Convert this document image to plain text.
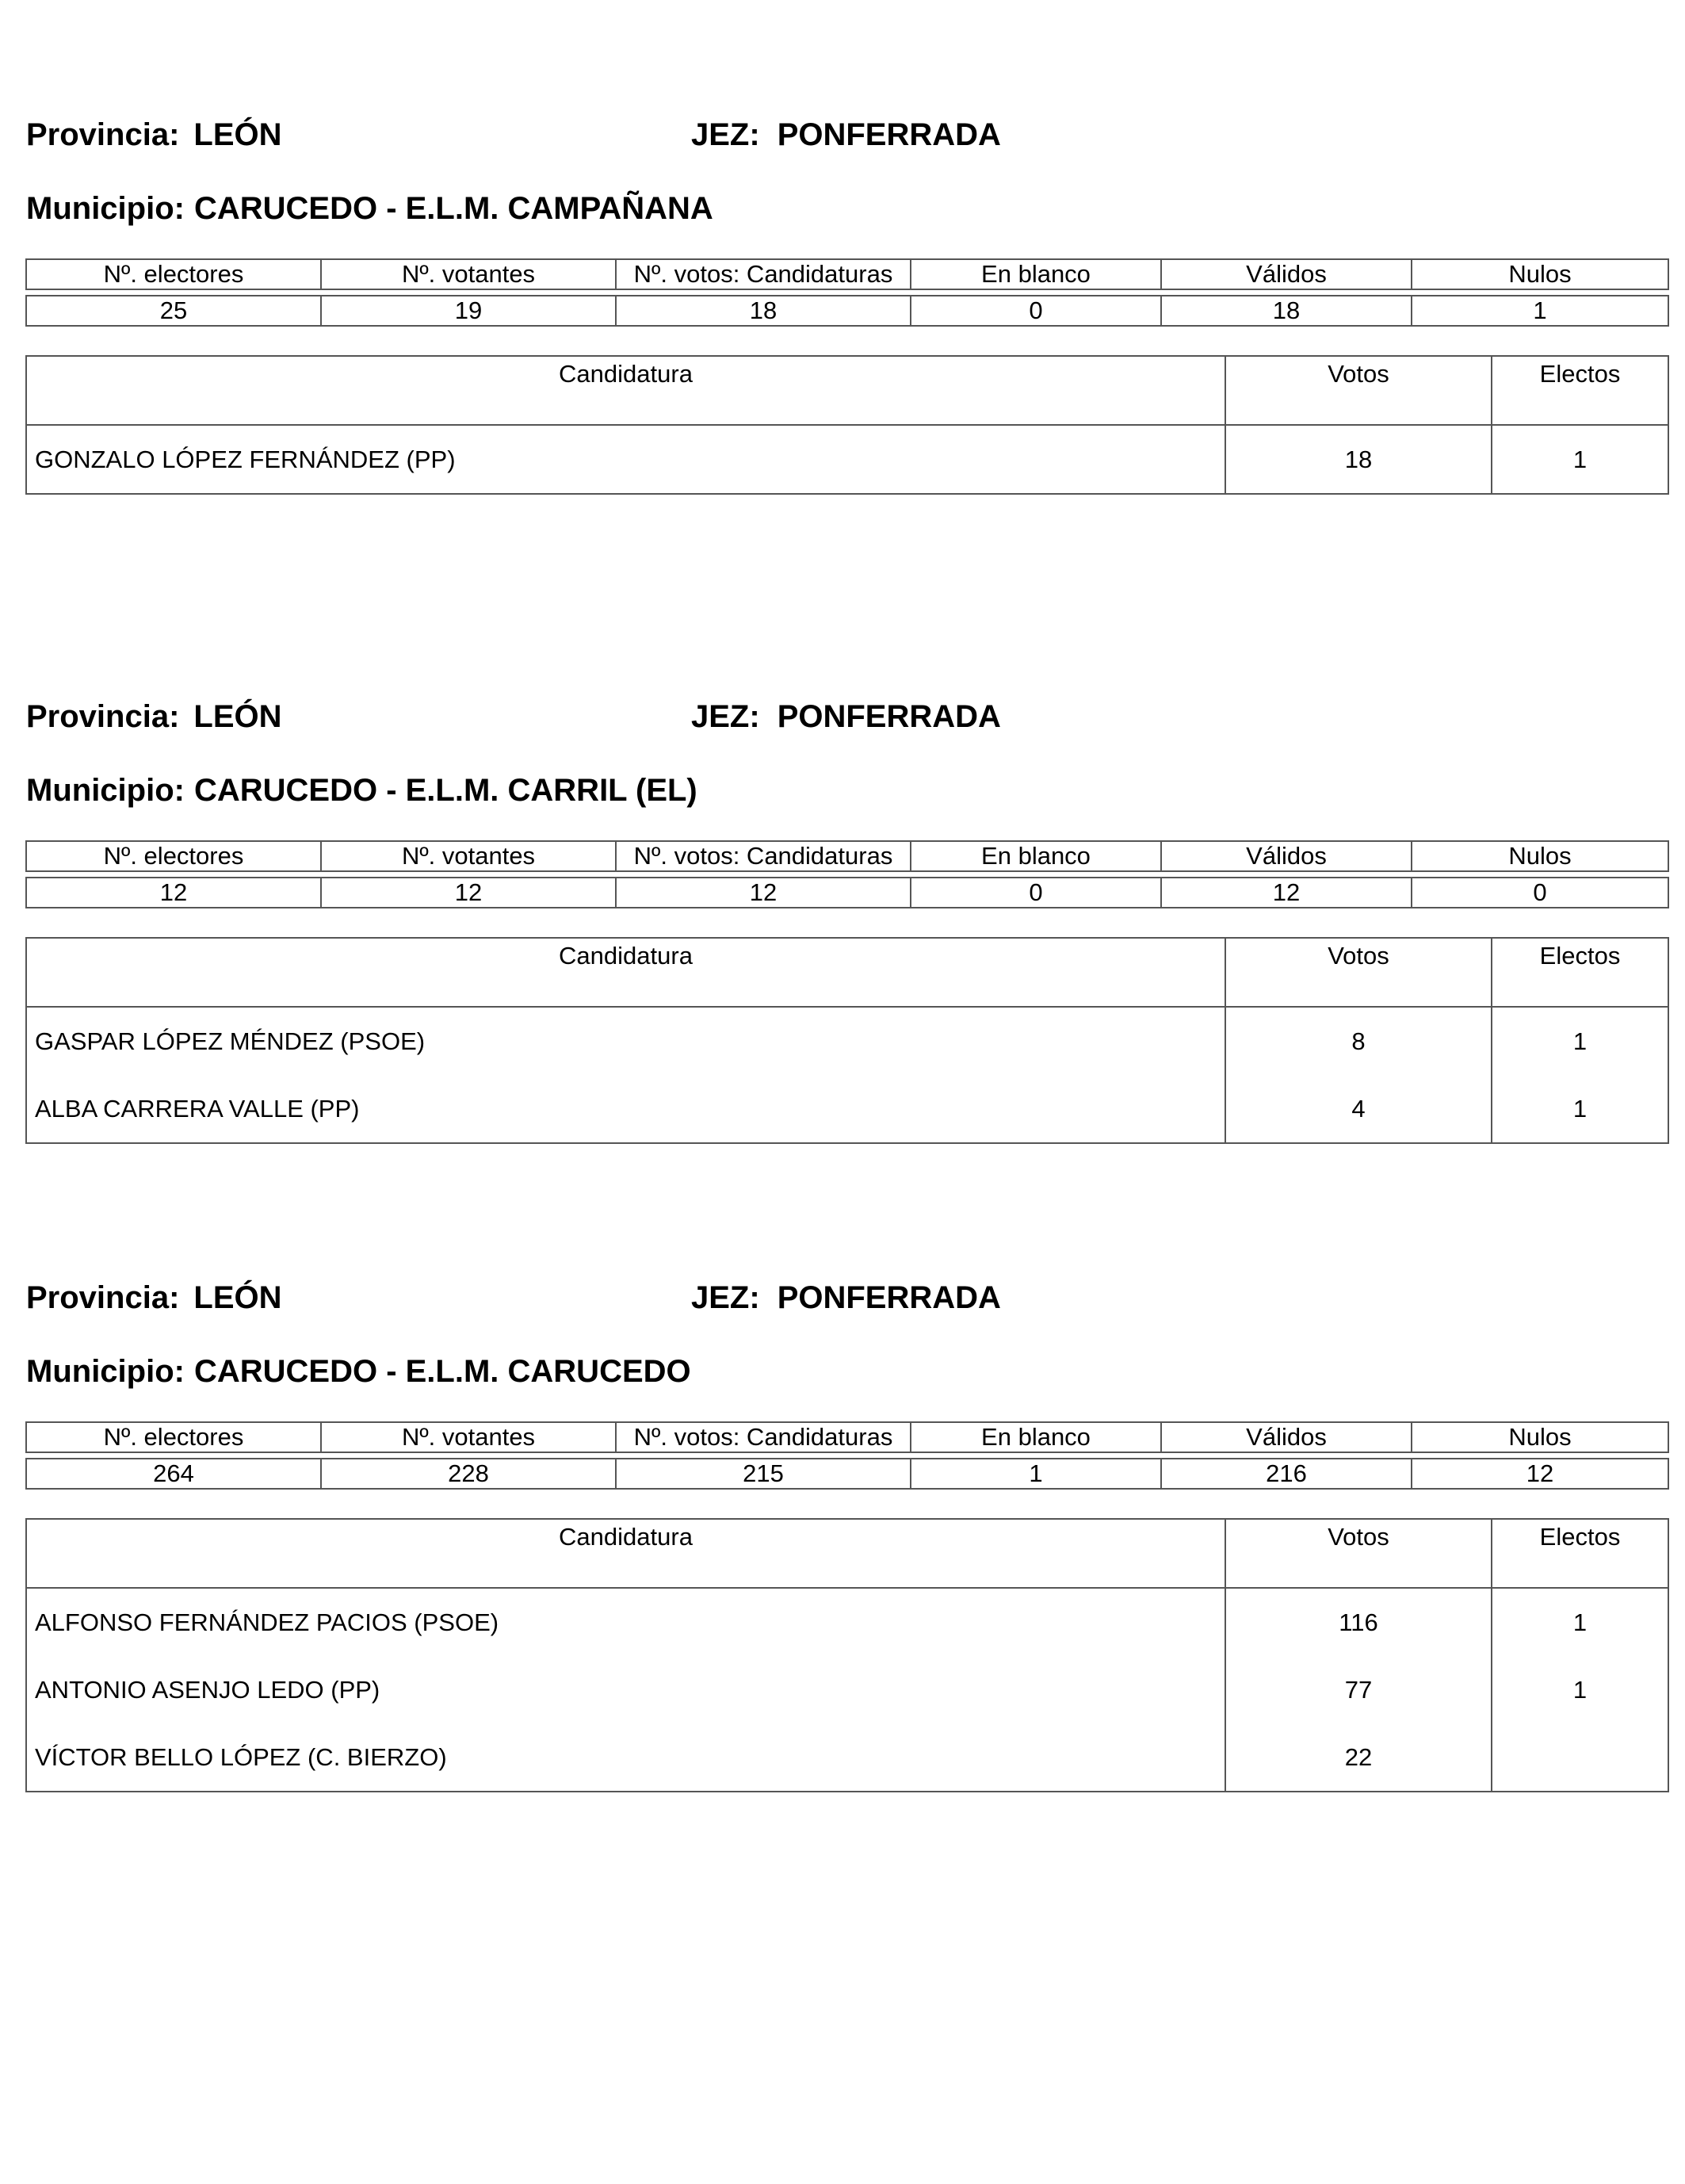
Provincia: LEÓN	JEZ: PONFERRADA
Municipio: CARUCEDO - E.L.M. CAMPAÑANA
Nº. electores	Nº. votantes	Nº. votos: Candidaturas	En blanco	Válidos	Nulos

25	19	18	0	18	1
Candidatura	Votos	Electos
GONZALO LÓPEZ FERNÁNDEZ (PP)	18	1
Provincia: LEÓN	JEZ: PONFERRADA
Municipio: CARUCEDO - E.L.M. CARRIL (EL)
Nº. electores	Nº. votantes	Nº. votos: Candidaturas	En blanco	Válidos	Nulos

12	12	12	0	12	0
Candidatura	Votos	Electos
GASPAR LÓPEZ MÉNDEZ (PSOE)	8	1
ALBA CARRERA VALLE (PP)	4	1
Provincia: LEÓN	JEZ: PONFERRADA
Municipio: CARUCEDO - E.L.M. CARUCEDO
Nº. electores	Nº. votantes	Nº. votos: Candidaturas	En blanco	Válidos	Nulos

264	228	215	1	216	12
Candidatura	Votos	Electos
ALFONSO FERNÁNDEZ PACIOS (PSOE)	116	1
ANTONIO ASENJO LEDO (PP)	77	1
VÍCTOR BELLO LÓPEZ (C. BIERZO)	22	
